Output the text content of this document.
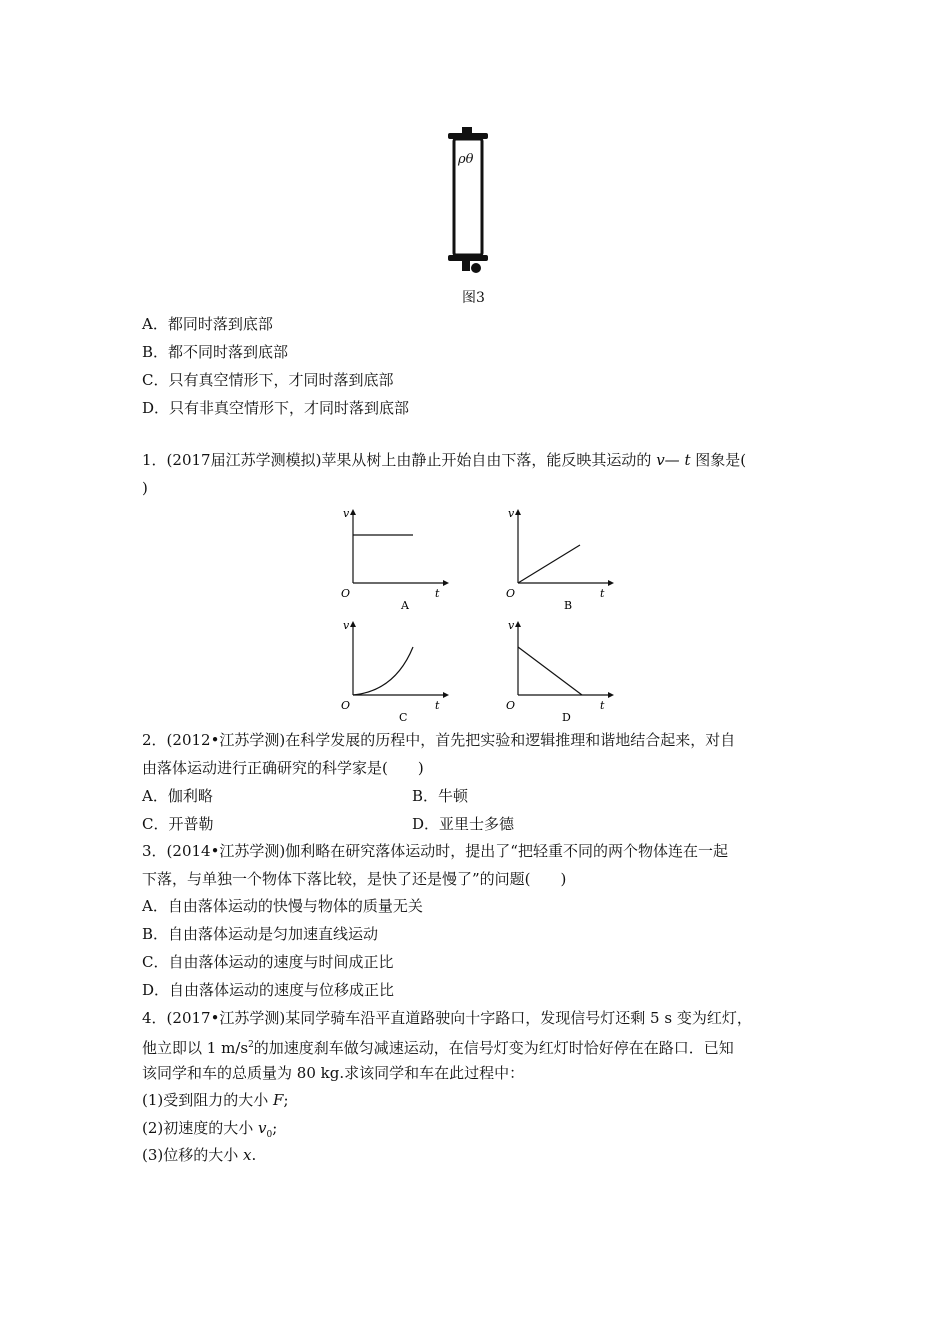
ρθ
图3
A．都同时落到底部
B．都不同时落到底部
C．只有真空情形下，才同时落到底部
D．只有非真空情形下，才同时落到底部
1．(2017届江苏学测模拟)苹果从树上由静止开始自由下落，能反映其运动的 v— t 图象是(
)
v
t
O
A
v
t
O
B
v
t
O
C
v
t
O
D
2．(2012•江苏学测)在科学发展的历程中，首先把实验和逻辑推理和谐地结合起来，对自
由落体运动进行正确研究的科学家是(　　)
A．伽利略	B．牛顿
C．开普勒	D．亚里士多德
3．(2014•江苏学测)伽利略在研究落体运动时，提出了“把轻重不同的两个物体连在一起
下落，与单独一个物体下落比较，是快了还是慢了”的问题(　　)
A．自由落体运动的快慢与物体的质量无关
B．自由落体运动是匀加速直线运动
C．自由落体运动的速度与时间成正比
D．自由落体运动的速度与位移成正比
4．(2017•江苏学测)某同学骑车沿平直道路驶向十字路口，发现信号灯还剩 5 s 变为红灯，
他立即以 1 $m/s^2$的加速度刹车做匀减速运动，在信号灯变为红灯时恰好停在在路口．已知
该同学和车的总质量为 80 kg.求该同学和车在此过程中：
(1)受到阻力的大小 F;
(2)初速度的大小 $v_0$;
(3)位移的大小 x.
